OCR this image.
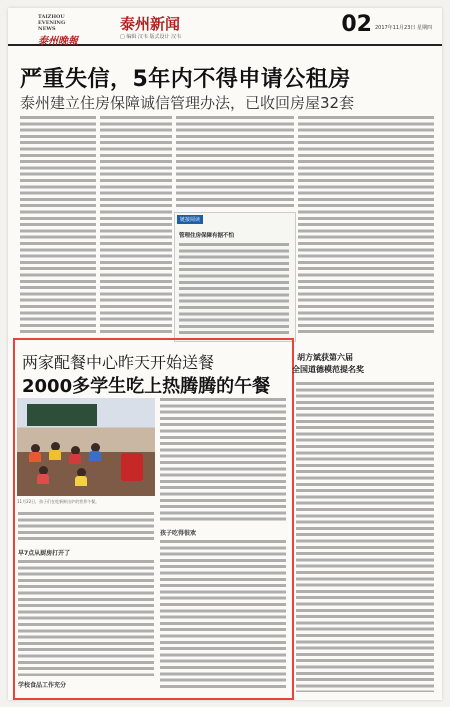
TAIZHOU EVENING NEWS
泰州晚報
泰州新闻
□ 编辑 汉韦 版式设计 汉韦	02 2017年11月23日 星期四
严重失信，5年内不得申请公租房
泰州建立住房保障诚信管理办法，已收回房屋32套
链接阅读
管理住房保障有据不怕
两家配餐中心昨天开始送餐
2000多学生吃上热腾腾的午餐
11月22日，孩子们在吃新鲜出炉的营养午餐。
早7点从厨房打开了
学校食品工作充分
孩子吃得很欢
胡方斌获第六届
全国道德模范提名奖
